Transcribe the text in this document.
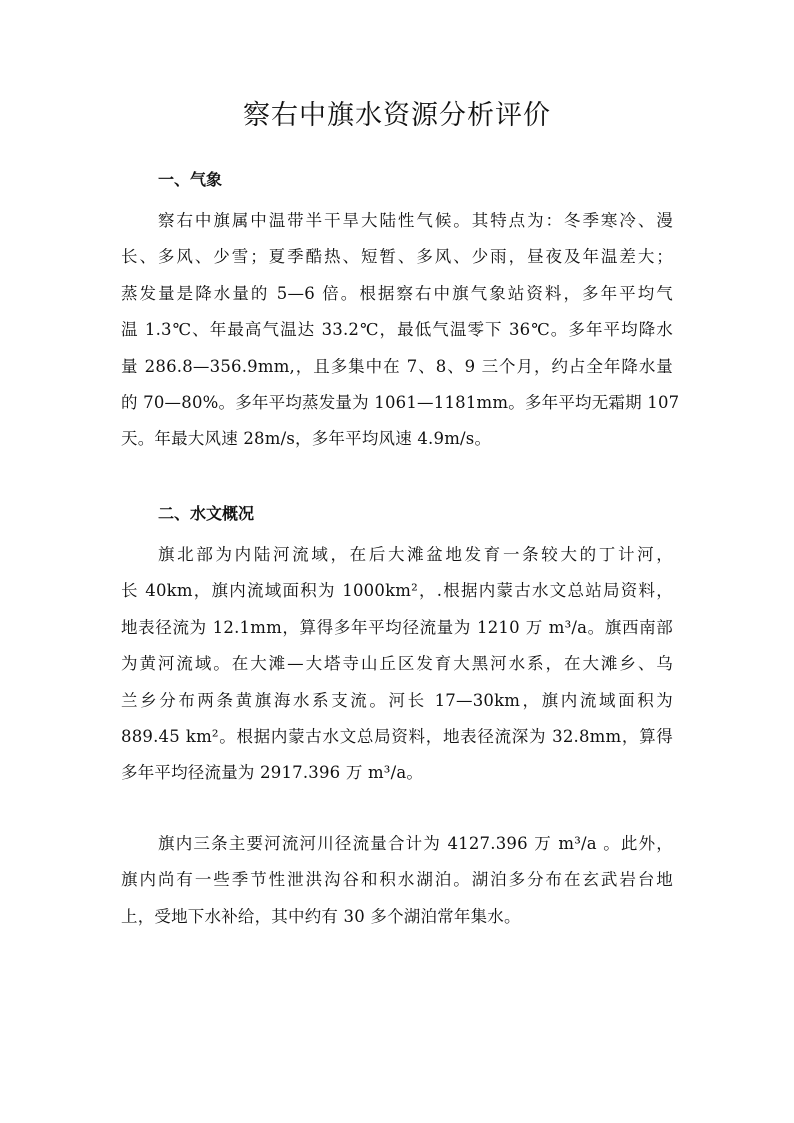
察右中旗水资源分析评价
一、气象
察右中旗属中温带半干旱大陆性气候。其特点为：冬季寒冷、漫
长、多风、少雪；夏季酷热、短暂、多风、少雨，昼夜及年温差大；
蒸发量是降水量的 5—6 倍。根据察右中旗气象站资料，多年平均气
温 1.3℃、年最高气温达 33.2℃，最低气温零下 36℃。多年平均降水
量 286.8—356.9mm,，且多集中在 7、8、9 三个月，约占全年降水量
的 70—80%。多年平均蒸发量为 1061—1181mm。多年平均无霜期 107
天。年最大风速 28m/s，多年平均风速 4.9m/s。
二、水文概况
旗北部为内陆河流域，在后大滩盆地发育一条较大的丁计河，
长 40km，旗内流域面积为 1000km²，.根据内蒙古水文总站局资料，
地表径流为 12.1mm，算得多年平均径流量为 1210 万 m³/a。旗西南部
为黄河流域。在大滩—大塔寺山丘区发育大黑河水系，在大滩乡、乌
兰乡分布两条黄旗海水系支流。河长 17—30km，旗内流域面积为
889.45 km²。根据内蒙古水文总局资料，地表径流深为 32.8mm，算得
多年平均径流量为 2917.396 万 m³/a。
旗内三条主要河流河川径流量合计为 4127.396 万 m³/a 。此外，
旗内尚有一些季节性泄洪沟谷和积水湖泊。湖泊多分布在玄武岩台地
上，受地下水补给，其中约有 30 多个湖泊常年集水。
